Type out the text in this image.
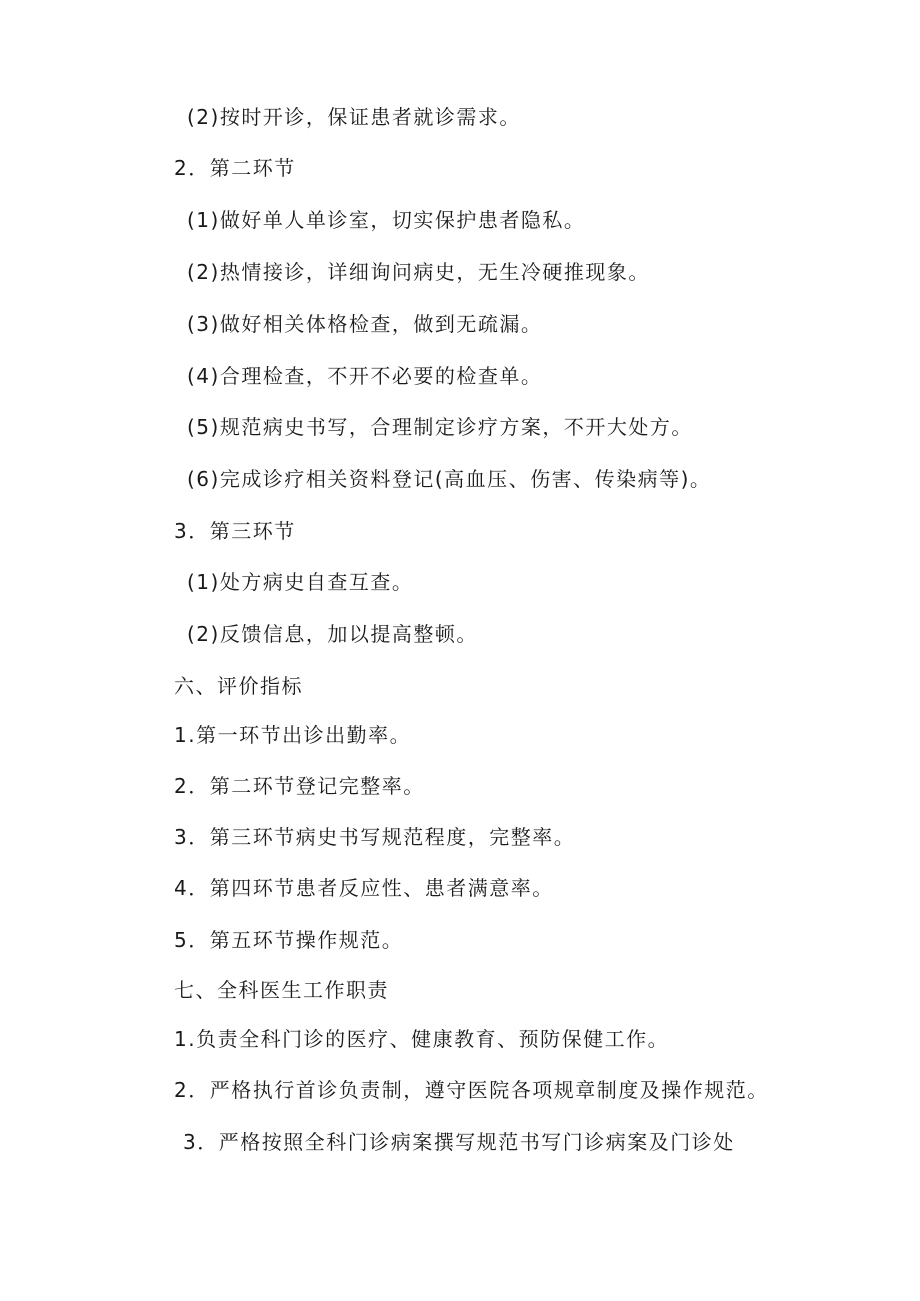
(2)按时开诊，保证患者就诊需求。
2．第二环节
(1)做好单人单诊室，切实保护患者隐私。
(2)热情接诊，详细询问病史，无生冷硬推现象。
(3)做好相关体格检查，做到无疏漏。
(4)合理检查，不开不必要的检查单。
(5)规范病史书写，合理制定诊疗方案，不开大处方。
(6)完成诊疗相关资料登记(高血压、伤害、传染病等)。
3．第三环节
(1)处方病史自查互查。
(2)反馈信息，加以提高整顿。
六、评价指标
1.第一环节出诊出勤率。
2．第二环节登记完整率。
3．第三环节病史书写规范程度，完整率。
4．第四环节患者反应性、患者满意率。
5．第五环节操作规范。
七、全科医生工作职责
1.负责全科门诊的医疗、健康教育、预防保健工作。
2．严格执行首诊负责制，遵守医院各项规章制度及操作规范。
3．严格按照全科门诊病案撰写规范书写门诊病案及门诊处
